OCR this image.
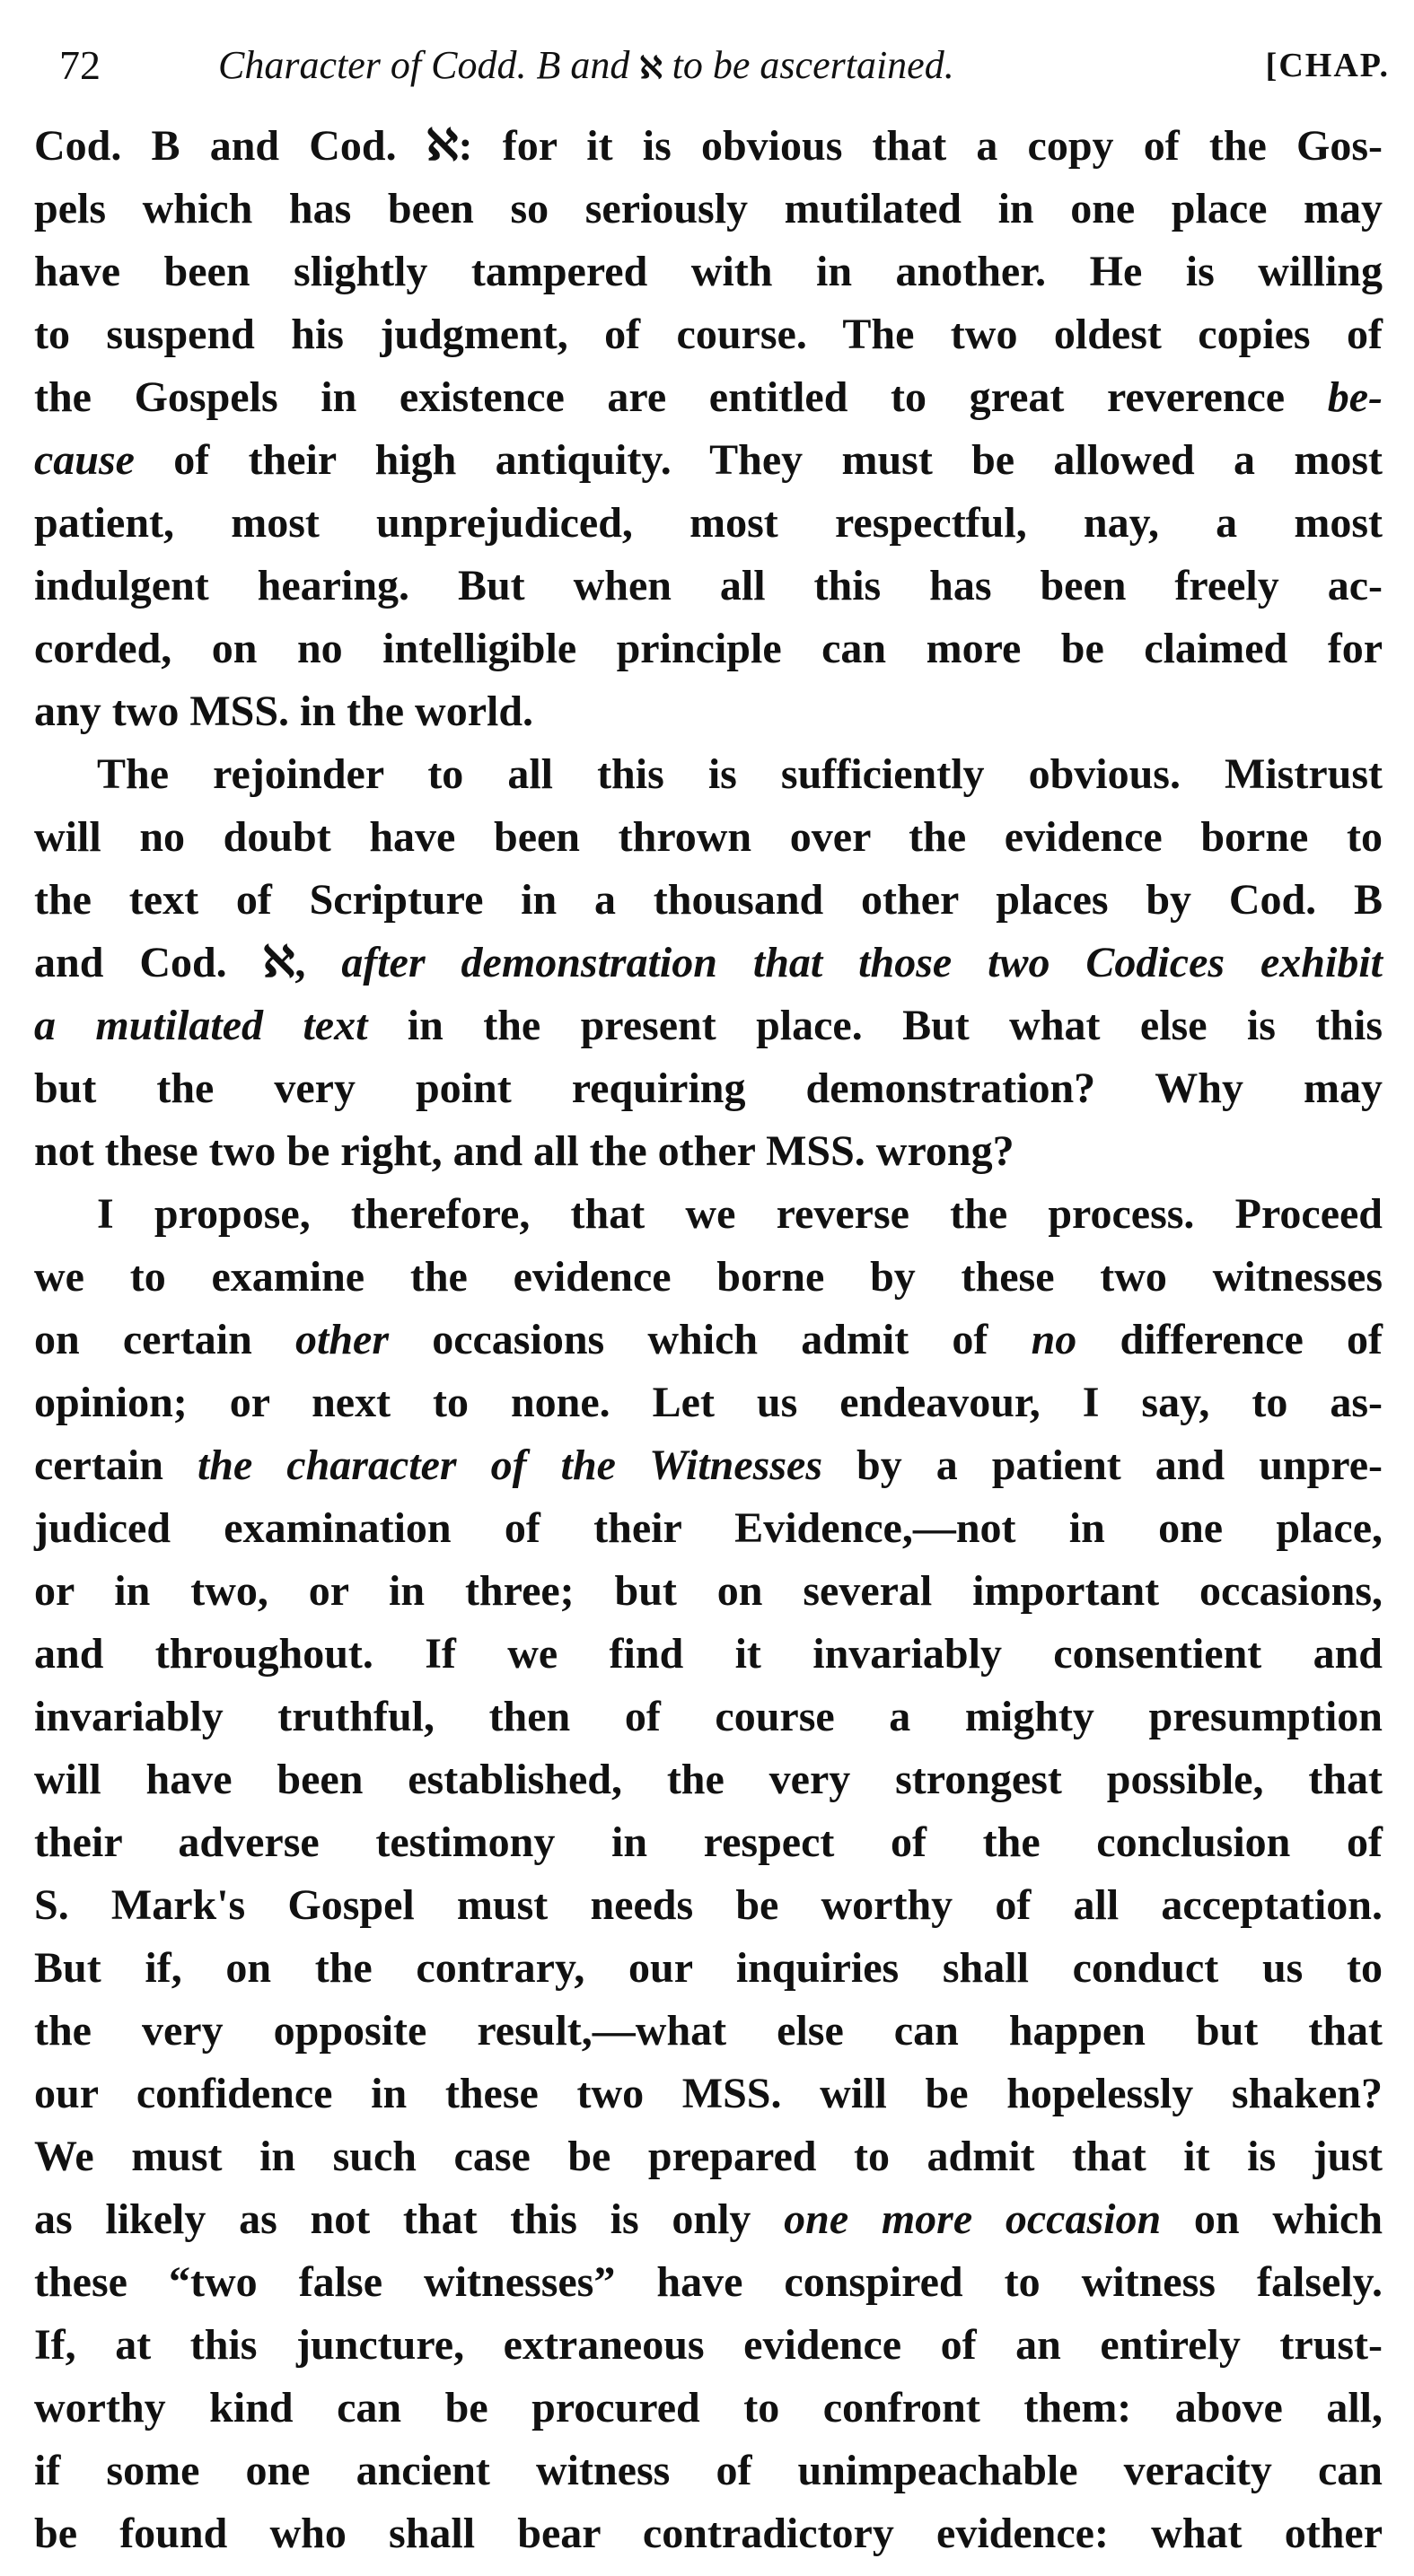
72	Character of Codd. B and ℵ to be ascertained.	[CHAP.
Cod. B and Cod. ℵ: for it is obvious that a copy of the Gos-
pels which has been so seriously mutilated in one place may
have been slightly tampered with in another. He is willing
to suspend his judgment, of course. The two oldest copies of
the Gospels in existence are entitled to great reverence be-
cause of their high antiquity. They must be allowed a most
patient, most unprejudiced, most respectful, nay, a most
indulgent hearing. But when all this has been freely ac-
corded, on no intelligible principle can more be claimed for
any two MSS. in the world.
The rejoinder to all this is sufficiently obvious. Mistrust
will no doubt have been thrown over the evidence borne to
the text of Scripture in a thousand other places by Cod. B
and Cod. ℵ, after demonstration that those two Codices exhibit
a mutilated text in the present place. But what else is this
but the very point requiring demonstration? Why may
not these two be right, and all the other MSS. wrong?
I propose, therefore, that we reverse the process. Proceed
we to examine the evidence borne by these two witnesses
on certain other occasions which admit of no difference of
opinion; or next to none. Let us endeavour, I say, to as-
certain the character of the Witnesses by a patient and unpre-
judiced examination of their Evidence,—not in one place,
or in two, or in three; but on several important occasions,
and throughout. If we find it invariably consentient and
invariably truthful, then of course a mighty presumption
will have been established, the very strongest possible, that
their adverse testimony in respect of the conclusion of
S. Mark's Gospel must needs be worthy of all acceptation.
But if, on the contrary, our inquiries shall conduct us to
the very opposite result,—what else can happen but that
our confidence in these two MSS. will be hopelessly shaken?
We must in such case be prepared to admit that it is just
as likely as not that this is only one more occasion on which
these “two false witnesses” have conspired to witness falsely.
If, at this juncture, extraneous evidence of an entirely trust-
worthy kind can be procured to confront them: above all,
if some one ancient witness of unimpeachable veracity can
be found who shall bear contradictory evidence: what other
